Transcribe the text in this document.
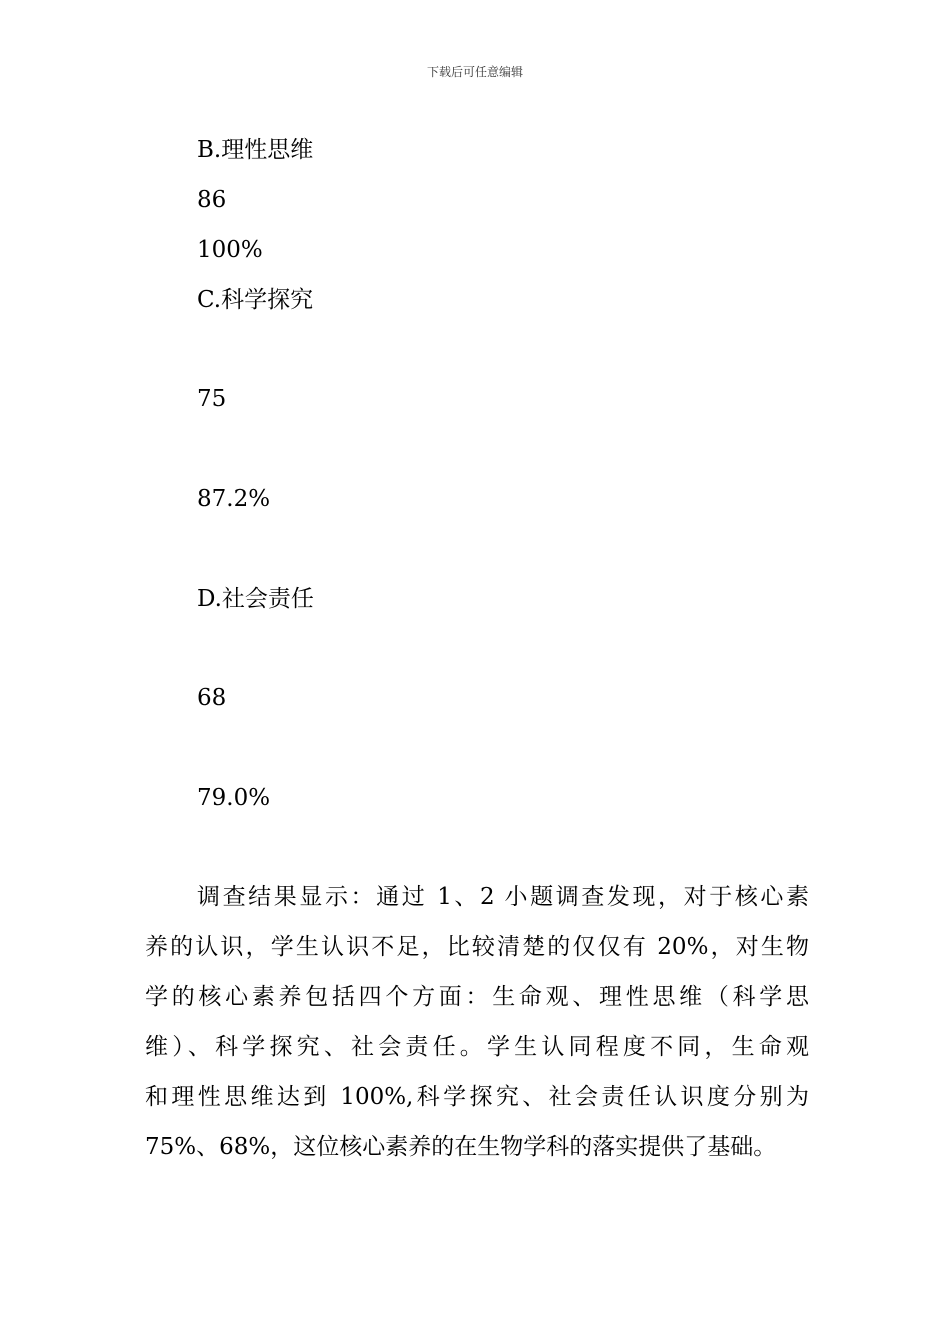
下载后可任意编辑
B.理性思维
86
100%
C.科学探究
75
87.2%
D.社会责任
68
79.0%
调查结果显示：通过 1、2 小题调查发现，对于核心素
养的认识，学生认识不足，比较清楚的仅仅有 20%，对生物
学的核心素养包括四个方面：生命观、理性思维（科学思
维）、科学探究、社会责任。学生认同程度不同，生命观
和理性思维达到 100%,科学探究、社会责任认识度分别为
75%、68%，这位核心素养的在生物学科的落实提供了基础。
